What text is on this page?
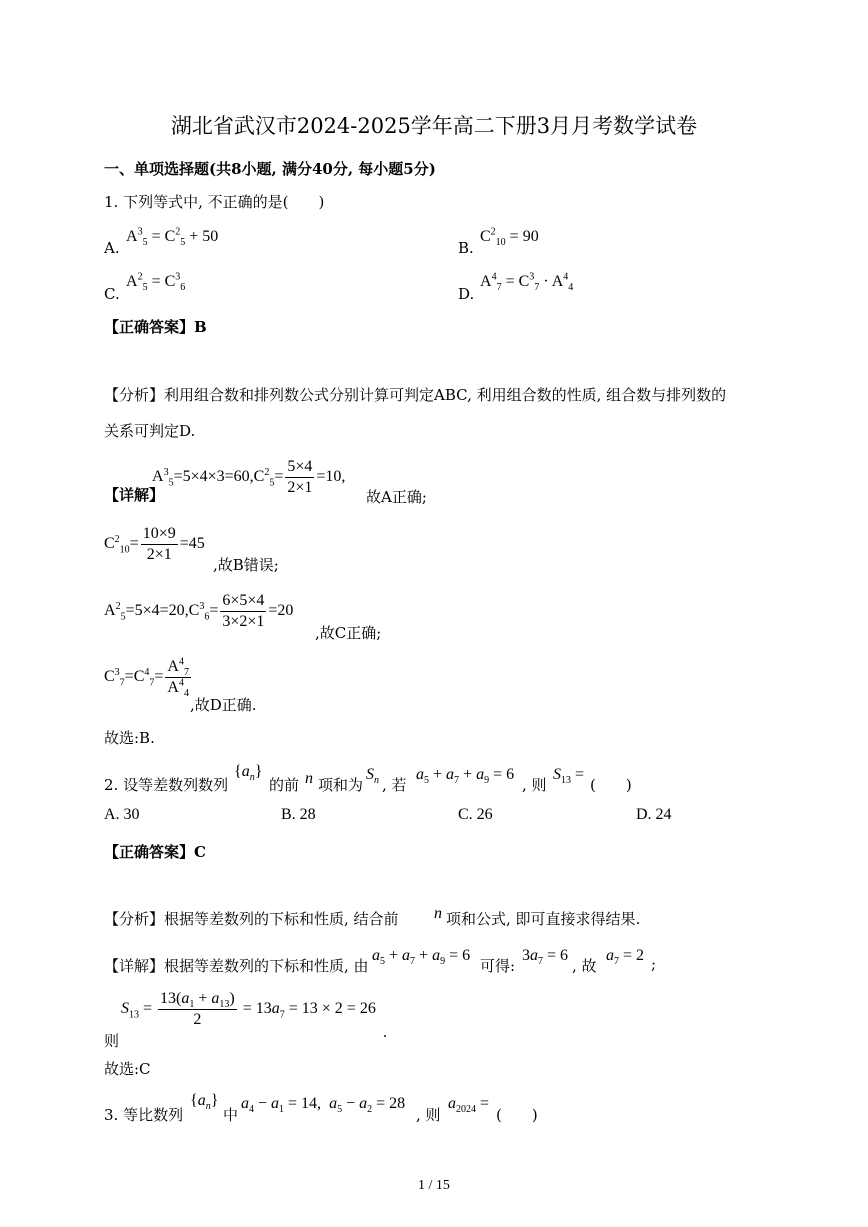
湖北省武汉市2024-2025学年高二下册3月月考数学试卷
一、单项选择题(共8小题, 满分40分, 每小题5分)
1. 下列等式中, 不正确的是(　　)
A.
$A^3_5 = C^2_5 + 50$
B.
$C^2_{10} = 90$
C.
$A^2_5 = C^3_6$	D.
$A^4_7 = C^3_7 \cdot A^4_4$
【正确答案】B
【分析】利用组合数和排列数公式分别计算可判定ABC, 利用组合数的性质, 组合数与排列数的
关系可判定D.
【详解】
$A^3_5=5\times 4\times 3=60,C^2_5= \frac{5\times 4}{2\times 1} =10$,
故A正确;
$C^2_{10}= \frac{10\times 9}{2\times 1} =45$
,故B错误;
$A^2_5=5\times 4=20,C^3_6= \frac{6\times 5\times 4}{3\times 2\times 1} =20$
,故C正确;
$C^3_7=C^4_7= \frac{A^4_7}{A^4_4}$
,故D正确.
故选:B.
2. 设等差数列数列
$\{a_n\}$
的前 n 项和为
$S_n$ , 若
$a_5 + a_7 + a_9 = 6$
, 则
$S_{13}$ =
(　　)
A. 30	B. 28	C. 26	D. 24
【正确答案】C
【分析】根据等差数列的下标和性质, 结合前 n 项和公式, 即可直接求得结果.
【详解】根据等差数列的下标和性质, 由
$a_5 + a_7 + a_9 = 6$
可得:
$3a_7 = 6$
, 故
$a_7 = 2$ ;
则
$S_{13} = \frac{13(a_1 + a_{13})}{2} = 13a_7 = 13 \times 2 = 26$
.
故选:C
3. 等比数列
$\{a_n\}$
中
$a_4 - a_1 = 14$,  $a_5 - a_2 = 28$
, 则
$a_{2024}$ =
(　　)
1 / 15
